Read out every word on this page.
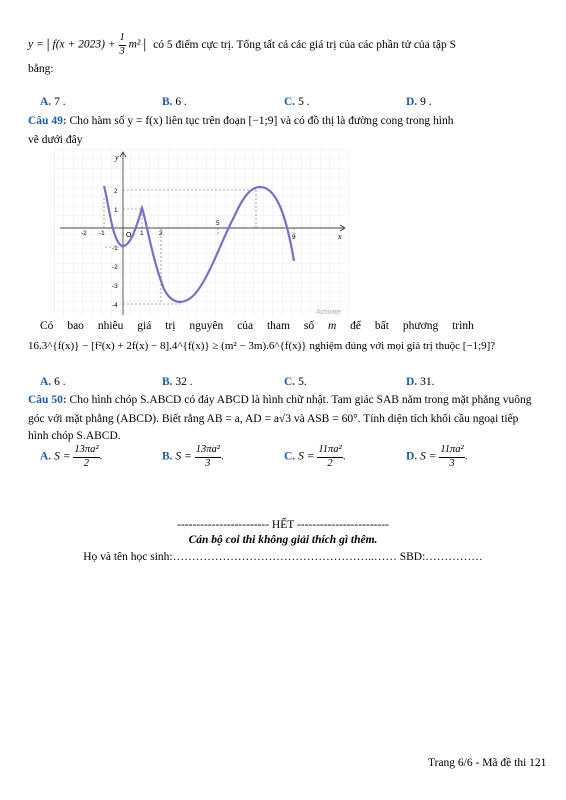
y = | $f(x + 2023) + \frac{1}{3} m^2$ | có 5 điểm cực trị. Tổng tất cả các giá trị của các phần tử của tập S
bằng:
A. 7 .	B. 6 .	C. 5 .	D. 9 .
Câu 49: Cho hàm số y = f(x) liên tục trên đoạn [−1;9] và có đồ thị là đường cong trong hình
vẽ dưới đây
y
x
O
-2 -1	1 2
5
9
2
1
-1
-2
-3
-4
Activate
Có bao nhiêu giá trị nguyên của tham số m để bất phương trình
16.3^{f(x)} − [f²(x) + 2f(x) − 8].4^{f(x)} ≥ (m² − 3m).6^{f(x)} nghiệm đúng với mọi giá trị thuộc [−1;9]?
A. 6 .	B. 32 .	C. 5.	D. 31.
Câu 50: Cho hình chóp S.ABCD có đáy ABCD là hình chữ nhật. Tam giác SAB nằm trong mặt phẳng vuông
góc với mặt phẳng (ABCD). Biết rằng AB = a, AD = a√3 và ASB = 60°. Tính diện tích khối cầu ngoại tiếp
hình chóp S.ABCD.
A. $S = \frac{\text{13πa²}}{2}$ .	B. $S = \frac{\text{13πa²}}{3}$ .	C. $S = \frac{\text{11πa²}}{2}$ .	D. $S = \frac{\text{11πa²}}{3}$ .
------------------------ HẾT ------------------------
Cán bộ coi thi không giải thích gì thêm.
Họ và tên học sinh:……………………………………………..…… SBD:……………
Trang 6/6 - Mã đề thi 121
